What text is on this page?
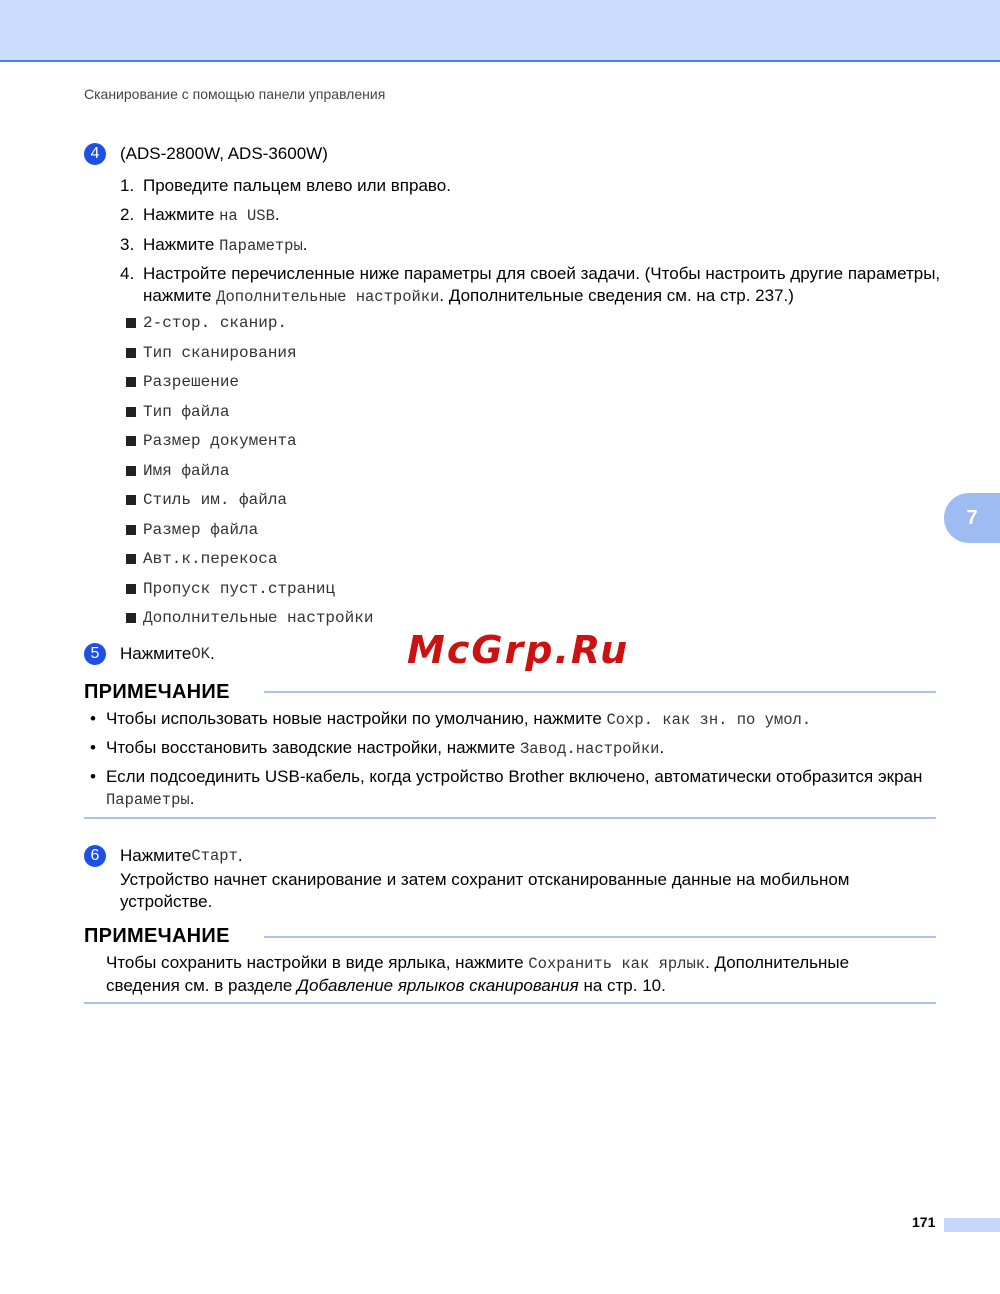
Сканирование с помощью панели управления
4	(ADS-2800W, ADS-3600W)
1. Проведите пальцем влево или вправо.
2. Нажмите на USB.
3. Нажмите Параметры.
4. Настройте перечисленные ниже параметры для своей задачи. (Чтобы настроить другие параметры, нажмите Дополнительные настройки. Дополнительные сведения см. на стр. 237.)
2-стор. сканир.
Тип сканирования
Разрешение
Тип файла
Размер документа
Имя файла
Стиль им. файла
Размер файла
Авт.к.перекоса
Пропуск пуст.страниц
Дополнительные настройки
7
5	Нажмите OK .	McGrp.Ru
ПРИМЕЧАНИЕ
• Чтобы использовать новые настройки по умолчанию, нажмите Сохр. как зн. по умол.
• Чтобы восстановить заводские настройки, нажмите Завод.настройки.
• Если подсоединить USB-кабель, когда устройство Brother включено, автоматически отобразится экран Параметры.
6	Нажмите Старт .
Устройство начнет сканирование и затем сохранит отсканированные данные на мобильном устройстве.
ПРИМЕЧАНИЕ
Чтобы сохранить настройки в виде ярлыка, нажмите Сохранить как ярлык. Дополнительные сведения см. в разделе Добавление ярлыков сканирования на стр. 10.
171
